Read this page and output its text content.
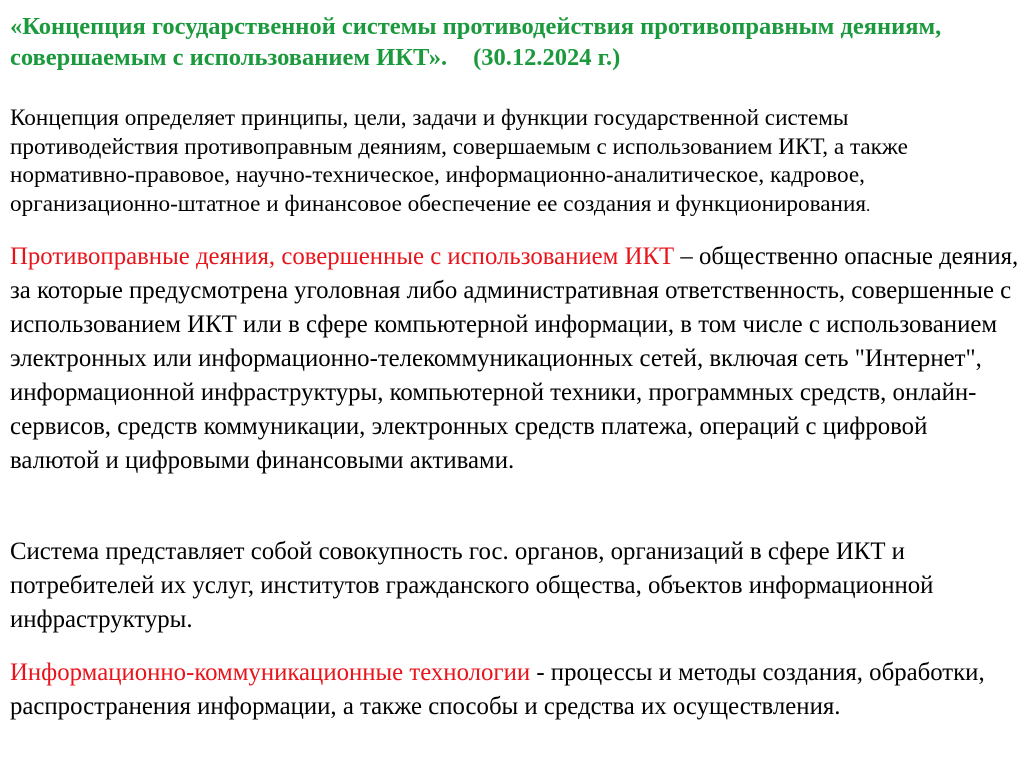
«Концепция государственной системы противодействия противоправным деяниям, совершаемым с использованием ИКТ». (30.12.2024 г.)

Концепция определяет принципы, цели, задачи и функции государственной системы противодействия противоправным деяниям, совершаемым с использованием ИКТ, а также нормативно-правовое, научно-техническое, информационно-аналитическое, кадровое, организационно-штатное и финансовое обеспечение ее создания и функционирования.

Противоправные деяния, совершенные с использованием ИКТ – общественно опасные деяния, за которые предусмотрена уголовная либо административная ответственность, совершенные с использованием ИКТ или в сфере компьютерной информации, в том числе с использованием электронных или информационно-телекоммуникационных сетей, включая сеть "Интернет", информационной инфраструктуры, компьютерной техники, программных средств, онлайн-сервисов, средств коммуникации, электронных средств платежа, операций с цифровой валютой и цифровыми финансовыми активами.

Система представляет собой совокупность гос. органов, организаций в сфере ИКТ и потребителей их услуг, институтов гражданского общества, объектов информационной инфраструктуры.

Информационно-коммуникационные технологии - процессы и методы создания, обработки, распространения информации, а также способы и средства их осуществления.
